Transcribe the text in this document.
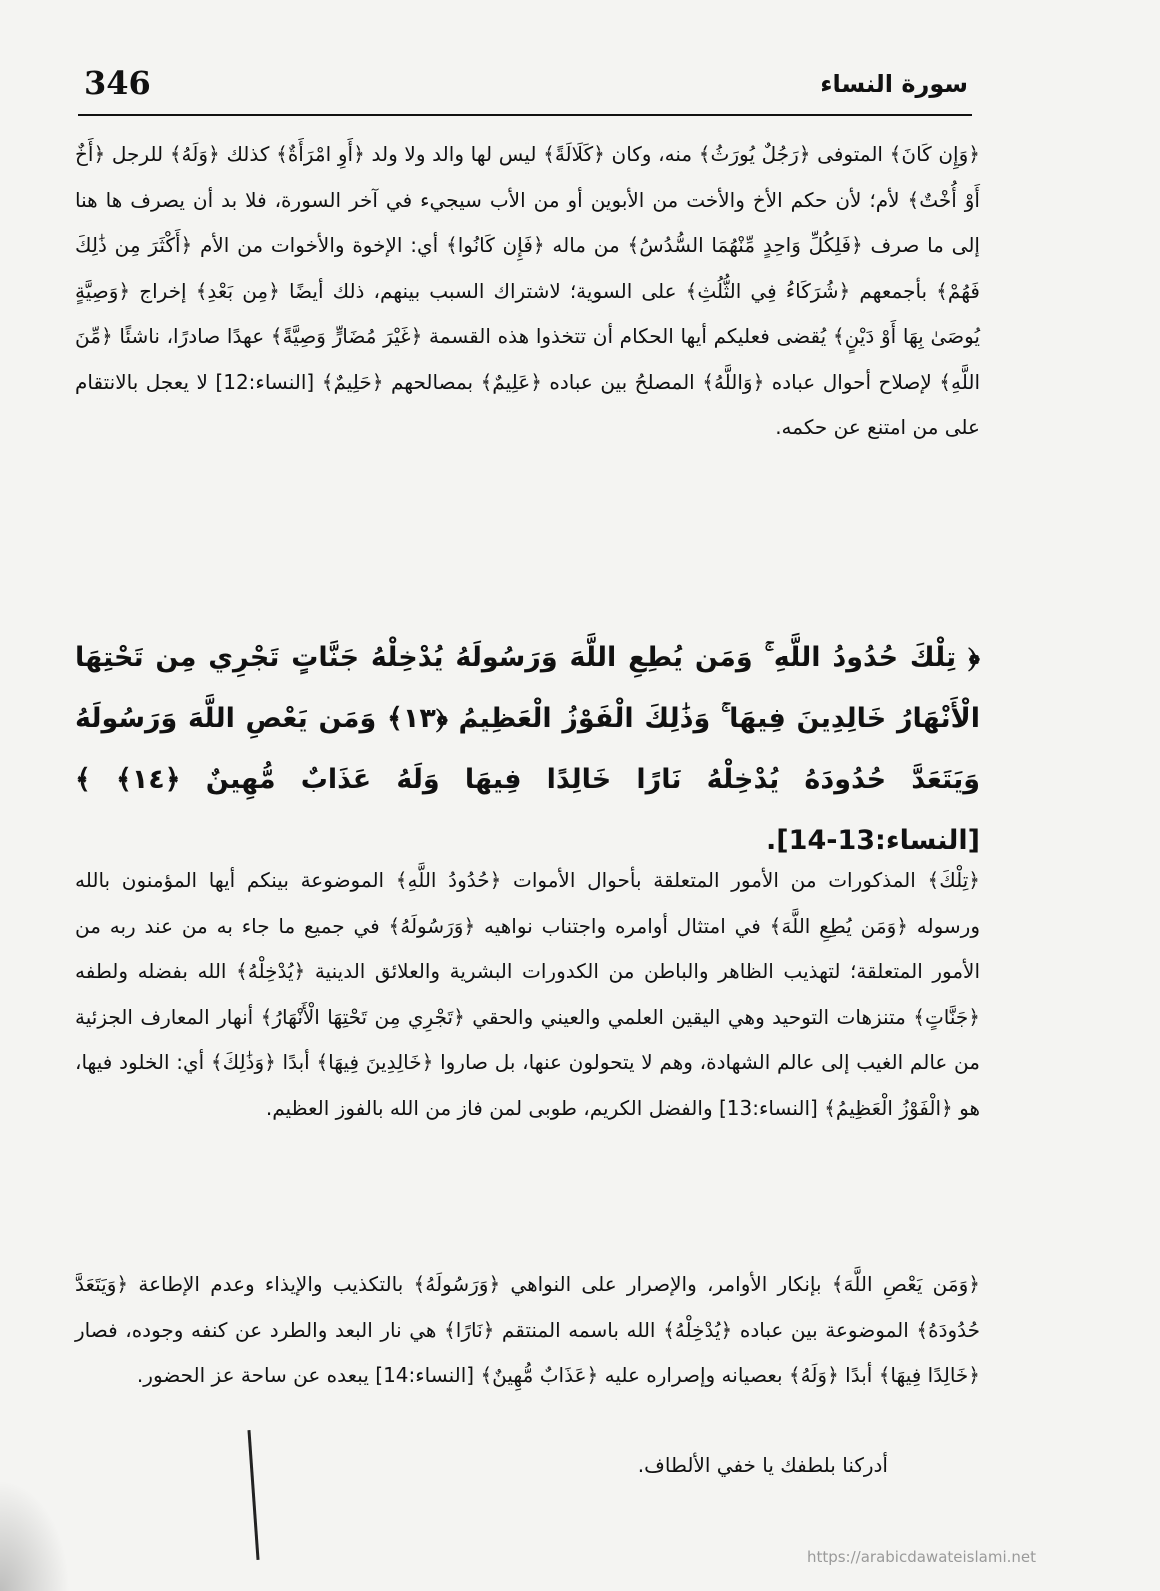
346	سورة النساء

﴿وَإِن كَانَ﴾ المتوفى ﴿رَجُلٌ يُورَثُ﴾ منه، وكان ﴿كَلَالَةً﴾ ليس لها والد ولا ولد ﴿أَوِ امْرَأَةٌ﴾ كذلك ﴿وَلَهُ﴾ للرجل ﴿أَخٌ أَوْ أُخْتٌ﴾ لأم؛ لأن حكم الأخ والأخت من الأبوين أو من الأب سيجيء في آخر السورة، فلا بد أن يصرف ها هنا إلى ما صرف ﴿فَلِكُلِّ وَاحِدٍ مِّنْهُمَا السُّدُسُ﴾ من ماله ﴿فَإِن كَانُوا﴾ أي: الإخوة والأخوات من الأم ﴿أَكْثَرَ مِن ذَٰلِكَ فَهُمْ﴾ بأجمعهم ﴿شُرَكَاءُ فِي الثُّلُثِ﴾ على السوية؛ لاشتراك السبب بينهم، ذلك أيضًا ﴿مِن بَعْدِ﴾ إخراج ﴿وَصِيَّةٍ يُوصَىٰ بِهَا أَوْ دَيْنٍ﴾ يُقضى فعليكم أيها الحكام أن تتخذوا هذه القسمة ﴿غَيْرَ مُضَارٍّ وَصِيَّةً﴾ عهدًا صادرًا، ناشئًا ﴿مِّنَ اللَّهِ﴾ لإصلاح أحوال عباده ﴿وَاللَّهُ﴾ المصلحُ بين عباده ﴿عَلِيمٌ﴾ بمصالحهم ﴿حَلِيمٌ﴾ [النساء:12] لا يعجل بالانتقام على من امتنع عن حكمه.

﴿ تِلْكَ حُدُودُ اللَّهِ ۚ وَمَن يُطِعِ اللَّهَ وَرَسُولَهُ يُدْخِلْهُ جَنَّاتٍ تَجْرِي مِن تَحْتِهَا الْأَنْهَارُ خَالِدِينَ فِيهَا ۚ وَذَٰلِكَ الْفَوْزُ الْعَظِيمُ ﴿١٣﴾ وَمَن يَعْصِ اللَّهَ وَرَسُولَهُ وَيَتَعَدَّ حُدُودَهُ يُدْخِلْهُ نَارًا خَالِدًا فِيهَا وَلَهُ عَذَابٌ مُّهِينٌ ﴿١٤﴾ ﴾ [النساء:13-14].

﴿تِلْكَ﴾ المذكورات من الأمور المتعلقة بأحوال الأموات ﴿حُدُودُ اللَّهِ﴾ الموضوعة بينكم أيها المؤمنون بالله ورسوله ﴿وَمَن يُطِعِ اللَّهَ﴾ في امتثال أوامره واجتناب نواهيه ﴿وَرَسُولَهُ﴾ في جميع ما جاء به من عند ربه من الأمور المتعلقة؛ لتهذيب الظاهر والباطن من الكدورات البشرية والعلائق الدينية ﴿يُدْخِلْهُ﴾ الله بفضله ولطفه ﴿جَنَّاتٍ﴾ متنزهات التوحيد وهي اليقين العلمي والعيني والحقي ﴿تَجْرِي مِن تَحْتِهَا الْأَنْهَارُ﴾ أنهار المعارف الجزئية من عالم الغيب إلى عالم الشهادة، وهم لا يتحولون عنها، بل صاروا ﴿خَالِدِينَ فِيهَا﴾ أبدًا ﴿وَذَٰلِكَ﴾ أي: الخلود فيها، هو ﴿الْفَوْزُ الْعَظِيمُ﴾ [النساء:13] والفضل الكريم، طوبى لمن فاز من الله بالفوز العظيم.

﴿وَمَن يَعْصِ اللَّهَ﴾ بإنكار الأوامر، والإصرار على النواهي ﴿وَرَسُولَهُ﴾ بالتكذيب والإيذاء وعدم الإطاعة ﴿وَيَتَعَدَّ حُدُودَهُ﴾ الموضوعة بين عباده ﴿يُدْخِلْهُ﴾ الله باسمه المنتقم ﴿نَارًا﴾ هي نار البعد والطرد عن كنفه وجوده، فصار ﴿خَالِدًا فِيهَا﴾ أبدًا ﴿وَلَهُ﴾ بعصيانه وإصراره عليه ﴿عَذَابٌ مُّهِينٌ﴾ [النساء:14] يبعده عن ساحة عز الحضور.

أدركنا بلطفك يا خفي الألطاف.
https://arabicdawateislami.net
